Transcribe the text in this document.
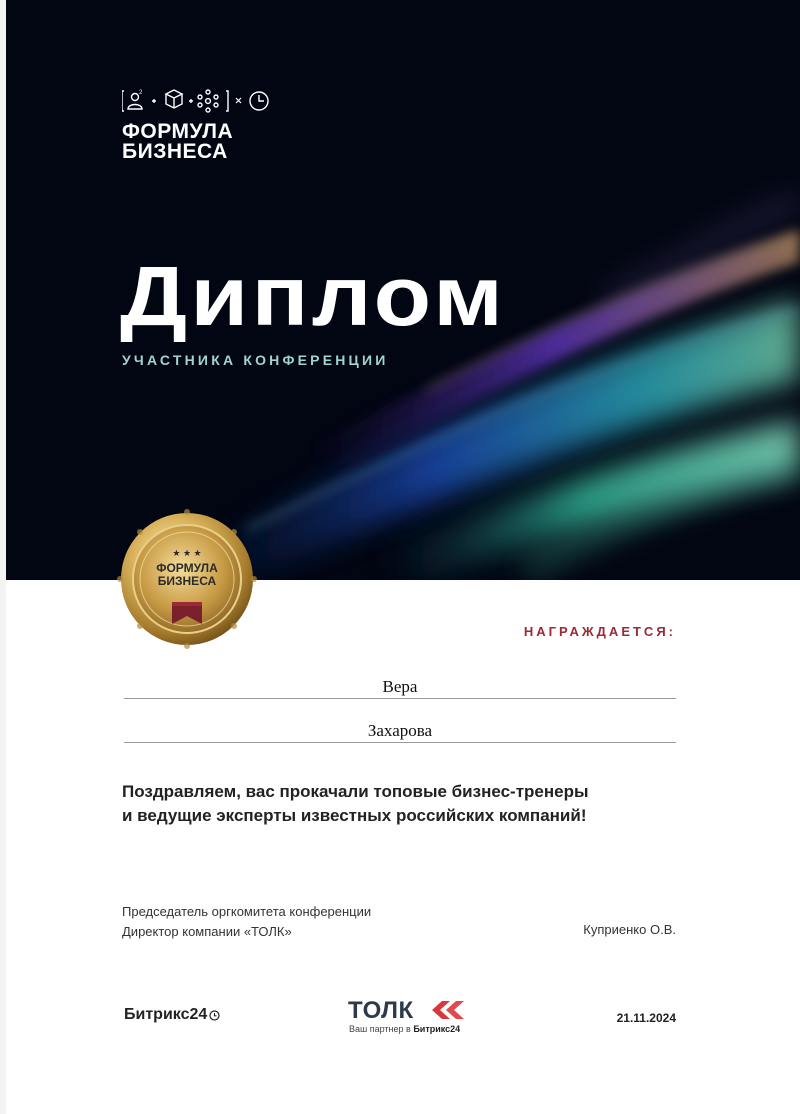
2
ФОРМУЛА
БИЗНЕСА
Диплом
УЧАСТНИКА КОНФЕРЕНЦИИ
★ ★ ★
ФОРМУЛА
БИЗНЕСА
НАГРАЖДАЕТСЯ:
Вера
Захарова
Поздравляем, вас прокачали топовые бизнес-тренеры
и ведущие эксперты известных российских компаний!
Председатель оргкомитета конференции
Директор компании «ТОЛК»	Куприенко О.В.
Битрикс24	ТОЛК
Ваш партнер в Битрикс24
21.11.2024
